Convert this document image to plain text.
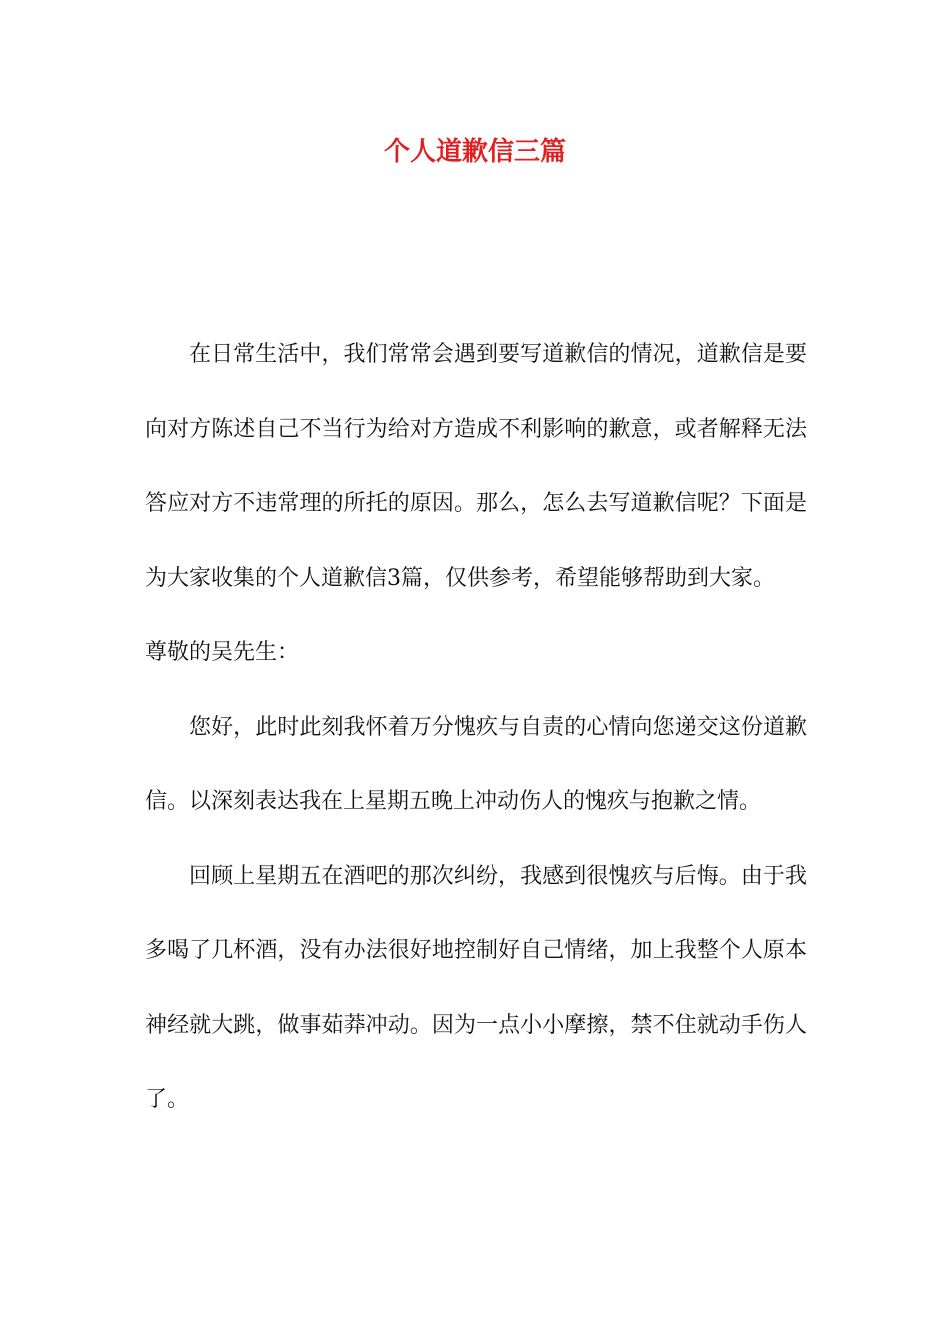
个人道歉信三篇

在日常生活中，我们常常会遇到要写道歉信的情况，道歉信是要向对方陈述自己不当行为给对方造成不利影响的歉意，或者解释无法答应对方不违常理的所托的原因。那么，怎么去写道歉信呢？下面是为大家收集的个人道歉信3篇，仅供参考，希望能够帮助到大家。

尊敬的吴先生：

您好，此时此刻我怀着万分愧疚与自责的心情向您递交这份道歉信。以深刻表达我在上星期五晚上冲动伤人的愧疚与抱歉之情。

回顾上星期五在酒吧的那次纠纷，我感到很愧疚与后悔。由于我多喝了几杯酒，没有办法很好地控制好自己情绪，加上我整个人原本神经就大跳，做事茹莽冲动。因为一点小小摩擦，禁不住就动手伤人了。
